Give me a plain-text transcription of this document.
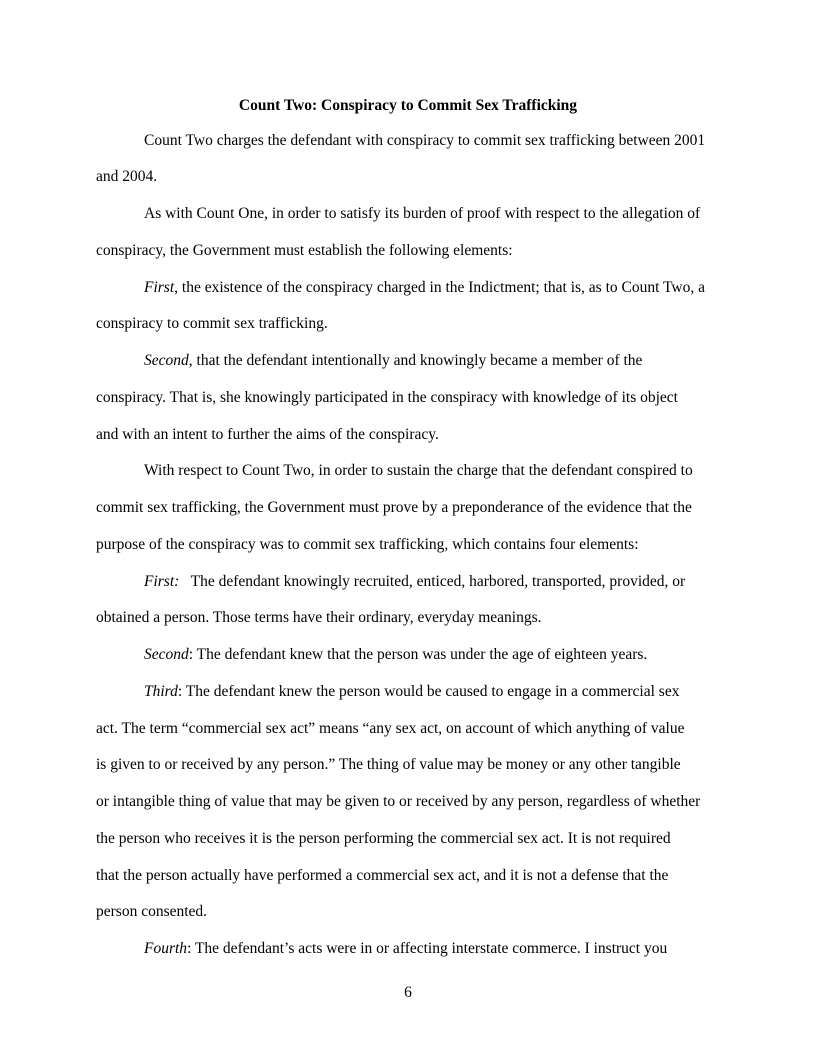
Count Two: Conspiracy to Commit Sex Trafficking
Count Two charges the defendant with conspiracy to commit sex trafficking between 2001
and 2004.
As with Count One, in order to satisfy its burden of proof with respect to the allegation of
conspiracy, the Government must establish the following elements:
First, the existence of the conspiracy charged in the Indictment; that is, as to Count Two, a
conspiracy to commit sex trafficking.
Second, that the defendant intentionally and knowingly became a member of the
conspiracy. That is, she knowingly participated in the conspiracy with knowledge of its object
and with an intent to further the aims of the conspiracy.
With respect to Count Two, in order to sustain the charge that the defendant conspired to
commit sex trafficking, the Government must prove by a preponderance of the evidence that the
purpose of the conspiracy was to commit sex trafficking, which contains four elements:
First:   The defendant knowingly recruited, enticed, harbored, transported, provided, or
obtained a person. Those terms have their ordinary, everyday meanings.
Second: The defendant knew that the person was under the age of eighteen years.
Third: The defendant knew the person would be caused to engage in a commercial sex
act. The term “commercial sex act” means “any sex act, on account of which anything of value
is given to or received by any person.” The thing of value may be money or any other tangible
or intangible thing of value that may be given to or received by any person, regardless of whether
the person who receives it is the person performing the commercial sex act. It is not required
that the person actually have performed a commercial sex act, and it is not a defense that the
person consented.
Fourth: The defendant’s acts were in or affecting interstate commerce. I instruct you
6
